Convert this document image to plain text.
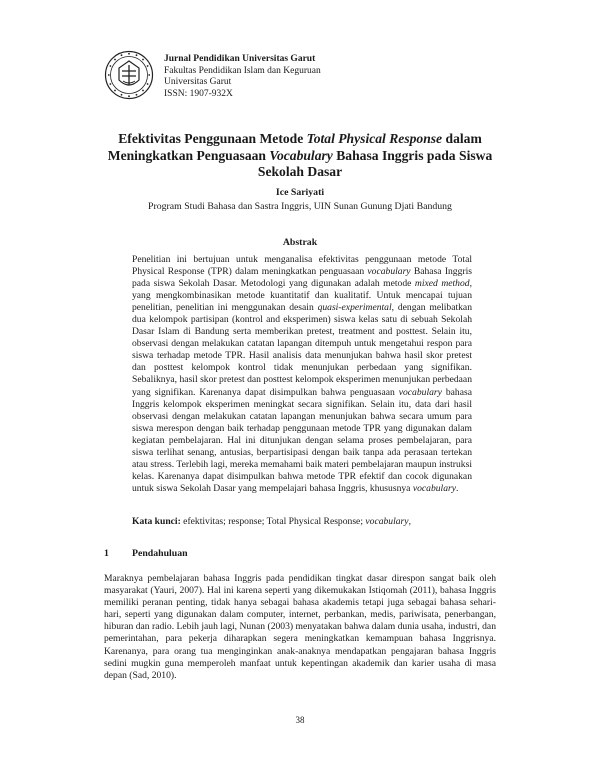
Jurnal Pendidikan Universitas Garut
Fakultas Pendidikan Islam dan Keguruan
Universitas Garut
ISSN: 1907-932X
Efektivitas Penggunaan Metode Total Physical Response dalam Meningkatkan Penguasaan Vocabulary Bahasa Inggris pada Siswa Sekolah Dasar
Ice Sariyati
Program Studi Bahasa dan Sastra Inggris, UIN Sunan Gunung Djati Bandung
Abstrak

Penelitian ini bertujuan untuk menganalisa efektivitas penggunaan metode Total Physical Response (TPR) dalam meningkatkan penguasaan vocabulary Bahasa Inggris pada siswa Sekolah Dasar. Metodologi yang digunakan adalah metode mixed method, yang mengkombinasikan metode kuantitatif dan kualitatif. Untuk mencapai tujuan penelitian, penelitian ini menggunakan desain quasi-experimental, dengan melibatkan dua kelompok partisipan (kontrol and eksperimen) siswa kelas satu di sebuah Sekolah Dasar Islam di Bandung serta memberikan pretest, treatment and posttest. Selain itu, observasi dengan melakukan catatan lapangan ditempuh untuk mengetahui respon para siswa terhadap metode TPR. Hasil analisis data menunjukan bahwa hasil skor pretest dan posttest kelompok kontrol tidak menunjukan perbedaan yang signifikan. Sebaliknya, hasil skor pretest dan posttest kelompok eksperimen menunjukan perbedaan yang signifikan. Karenanya dapat disimpulkan bahwa penguasaan vocabulary bahasa Inggris kelompok eksperimen meningkat secara signifikan. Selain itu, data dari hasil observasi dengan melakukan catatan lapangan menunjukan bahwa secara umum para siswa merespon dengan baik terhadap penggunaan metode TPR yang digunakan dalam kegiatan pembelajaran. Hal ini ditunjukan dengan selama proses pembelajaran, para siswa terlihat senang, antusias, berpartisipasi dengan baik tanpa ada perasaan tertekan atau stress. Terlebih lagi, mereka memahami baik materi pembelajaran maupun instruksi kelas. Karenanya dapat disimpulkan bahwa metode TPR efektif dan cocok digunakan untuk siswa Sekolah Dasar yang mempelajari bahasa Inggris, khususnya vocabulary.

Kata kunci: efektivitas; response; Total Physical Response; vocabulary,

1 Pendahuluan

Maraknya pembelajaran bahasa Inggris pada pendidikan tingkat dasar direspon sangat baik oleh masyarakat (Yauri, 2007). Hal ini karena seperti yang dikemukakan Istiqomah (2011), bahasa Inggris memiliki peranan penting, tidak hanya sebagai bahasa akademis tetapi juga sebagai bahasa sehari-hari, seperti yang digunakan dalam computer, internet, perbankan, medis, pariwisata, penerbangan, hiburan dan radio. Lebih jauh lagi, Nunan (2003) menyatakan bahwa dalam dunia usaha, industri, dan pemerintahan, para pekerja diharapkan segera meningkatkan kemampuan bahasa Inggrisnya. Karenanya, para orang tua menginginkan anak-anaknya mendapatkan pengajaran bahasa Inggris sedini mugkin guna memperoleh manfaat untuk kepentingan akademik dan karier usaha di masa depan (Sad, 2010).

38
